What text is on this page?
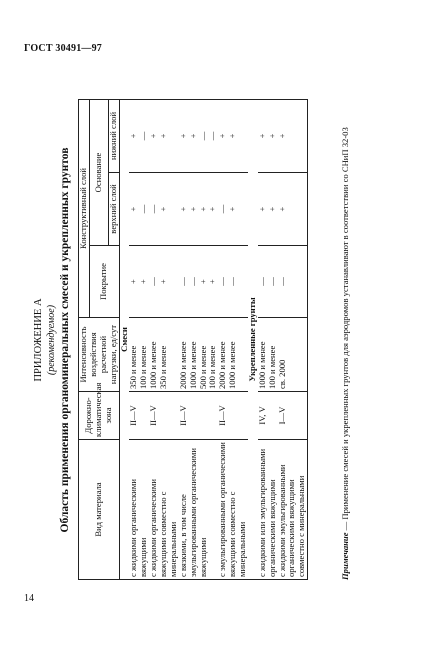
ГОСТ 30491—97
ПРИЛОЖЕНИЕ А (рекомендуемое) Область применения органоминеральных смесей и укрепленных грунтов	Вид материала	Дорожно-климатическая зона	Интенсивность воздействия расчетной нагрузки, ед/сут	Конструктивный слой		
			Покрытие	Основание	
				верхний слой	нижний слой
Смеси					
с жидкими органическими вяжущими	II—V	350 и менее 100 и менее	+ +	+ —	+ —

с жидкими органическими вяжущими совместно с минеральными	II—V	1000 и менее 350 и менее	— +	— +	+ +

с вязкими, в том числе эмульгированными органическими вяжущими	II—V	2000 и менее 1000 и менее 500 и менее 100 и менее	— — + +	+ + + +	+ + — —

с эмульгированными органическими вяжущими совместно с минеральными	II—V	2000 и менее 1000 и менее	— —	— +	+ +

Укрепленные грунты					
с жидкими или эмульгированными органическими вяжущими	IV, V	1000 и менее 100 и менее	— —	+ +	+ +

с жидкими эмульгированными органическими вяжущими совместно с минеральными	I—V	св. 2000	—	+	+
Примечание — Применение смесей и укрепленных грунтов для аэродромов устанавливают в соответствии со СНиП 32-03
14
